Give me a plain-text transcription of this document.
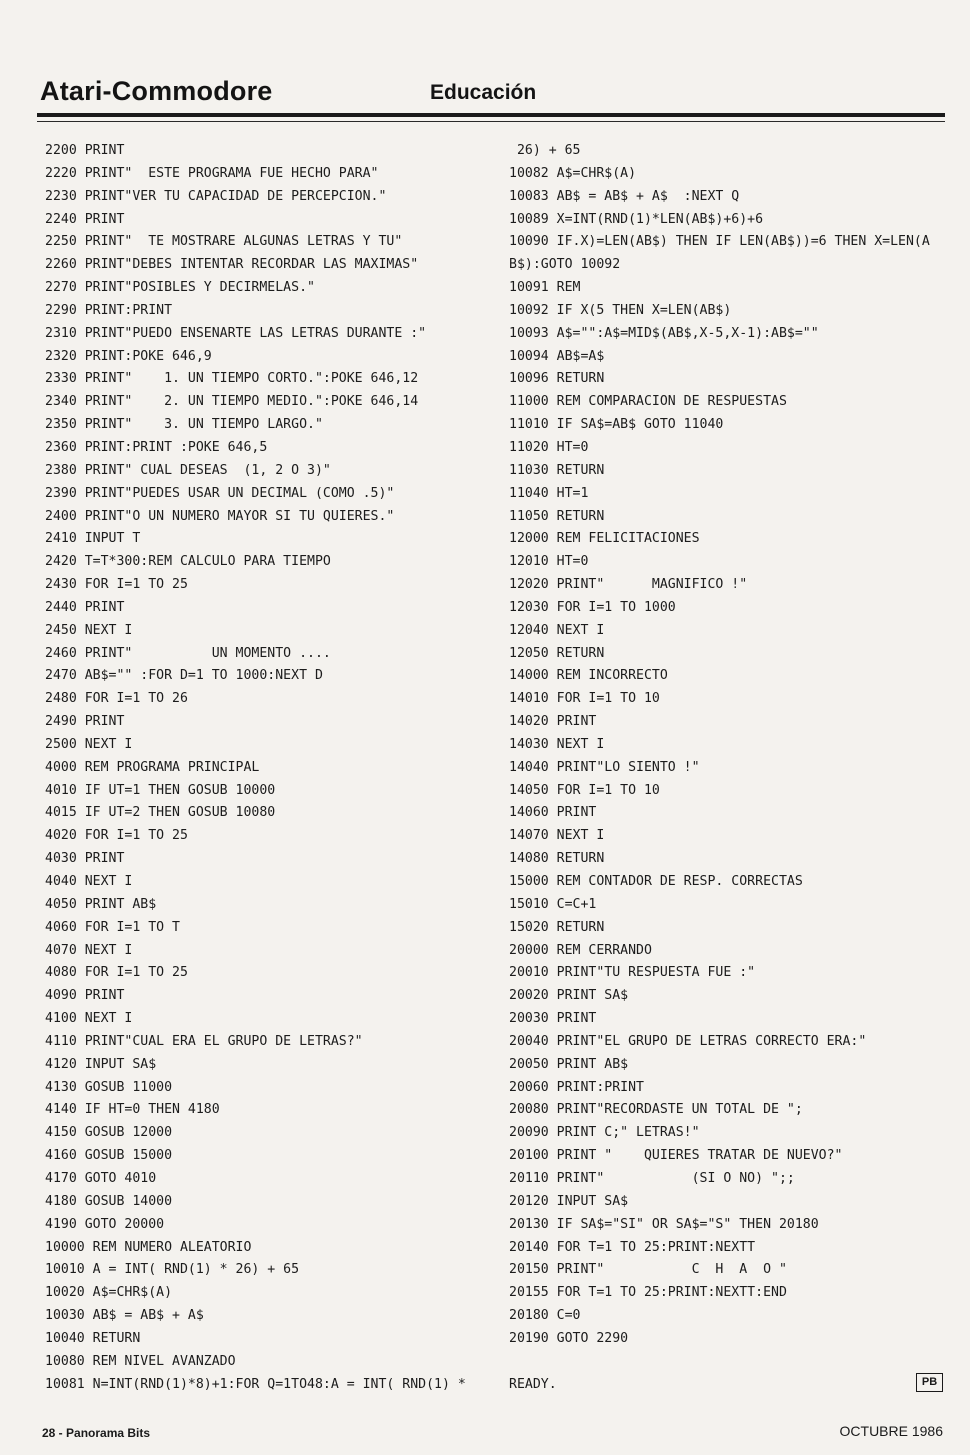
Atari-Commodore	Educación
2200 PRINT
2220 PRINT"  ESTE PROGRAMA FUE HECHO PARA"
2230 PRINT"VER TU CAPACIDAD DE PERCEPCION."
2240 PRINT
2250 PRINT"  TE MOSTRARE ALGUNAS LETRAS Y TU"
2260 PRINT"DEBES INTENTAR RECORDAR LAS MAXIMAS"
2270 PRINT"POSIBLES Y DECIRMELAS."
2290 PRINT:PRINT
2310 PRINT"PUEDO ENSENARTE LAS LETRAS DURANTE :"
2320 PRINT:POKE 646,9
2330 PRINT"    1. UN TIEMPO CORTO.":POKE 646,12
2340 PRINT"    2. UN TIEMPO MEDIO.":POKE 646,14
2350 PRINT"    3. UN TIEMPO LARGO."
2360 PRINT:PRINT :POKE 646,5
2380 PRINT" CUAL DESEAS  (1, 2 O 3)"
2390 PRINT"PUEDES USAR UN DECIMAL (COMO .5)"
2400 PRINT"O UN NUMERO MAYOR SI TU QUIERES."
2410 INPUT T
2420 T=T*300:REM CALCULO PARA TIEMPO
2430 FOR I=1 TO 25
2440 PRINT
2450 NEXT I
2460 PRINT"          UN MOMENTO ....
2470 AB$="" :FOR D=1 TO 1000:NEXT D
2480 FOR I=1 TO 26
2490 PRINT
2500 NEXT I
4000 REM PROGRAMA PRINCIPAL
4010 IF UT=1 THEN GOSUB 10000
4015 IF UT=2 THEN GOSUB 10080
4020 FOR I=1 TO 25
4030 PRINT
4040 NEXT I
4050 PRINT AB$
4060 FOR I=1 TO T
4070 NEXT I
4080 FOR I=1 TO 25
4090 PRINT
4100 NEXT I
4110 PRINT"CUAL ERA EL GRUPO DE LETRAS?"
4120 INPUT SA$
4130 GOSUB 11000
4140 IF HT=0 THEN 4180
4150 GOSUB 12000
4160 GOSUB 15000
4170 GOTO 4010
4180 GOSUB 14000
4190 GOTO 20000
10000 REM NUMERO ALEATORIO
10010 A = INT( RND(1) * 26) + 65
10020 A$=CHR$(A)
10030 AB$ = AB$ + A$
10040 RETURN
10080 REM NIVEL AVANZADO
10081 N=INT(RND(1)*8)+1:FOR Q=1TO48:A = INT( RND(1) *
26) + 65
10082 A$=CHR$(A)
10083 AB$ = AB$ + A$  :NEXT Q
10089 X=INT(RND(1)*LEN(AB$)+6)+6
10090 IF.X)=LEN(AB$) THEN IF LEN(AB$))=6 THEN X=LEN(A
B$):GOTO 10092
10091 REM
10092 IF X(5 THEN X=LEN(AB$)
10093 A$="":A$=MID$(AB$,X-5,X-1):AB$=""
10094 AB$=A$
10096 RETURN
11000 REM COMPARACION DE RESPUESTAS
11010 IF SA$=AB$ GOTO 11040
11020 HT=0
11030 RETURN
11040 HT=1
11050 RETURN
12000 REM FELICITACIONES
12010 HT=0
12020 PRINT"      MAGNIFICO !"
12030 FOR I=1 TO 1000
12040 NEXT I
12050 RETURN
14000 REM INCORRECTO
14010 FOR I=1 TO 10
14020 PRINT
14030 NEXT I
14040 PRINT"LO SIENTO !"
14050 FOR I=1 TO 10
14060 PRINT
14070 NEXT I
14080 RETURN
15000 REM CONTADOR DE RESP. CORRECTAS
15010 C=C+1
15020 RETURN
20000 REM CERRANDO
20010 PRINT"TU RESPUESTA FUE :"
20020 PRINT SA$
20030 PRINT
20040 PRINT"EL GRUPO DE LETRAS CORRECTO ERA:"
20050 PRINT AB$
20060 PRINT:PRINT
20080 PRINT"RECORDASTE UN TOTAL DE ";
20090 PRINT C;" LETRAS!"
20100 PRINT "    QUIERES TRATAR DE NUEVO?"
20110 PRINT"           (SI O NO) ";;
20120 INPUT SA$
20130 IF SA$="SI" OR SA$="S" THEN 20180
20140 FOR T=1 TO 25:PRINT:NEXTT
20150 PRINT"           C  H  A  O "
20155 FOR T=1 TO 25:PRINT:NEXTT:END
20180 C=0
20190 GOTO 2290
READY.	PB
28 - Panorama Bits	OCTUBRE 1986
